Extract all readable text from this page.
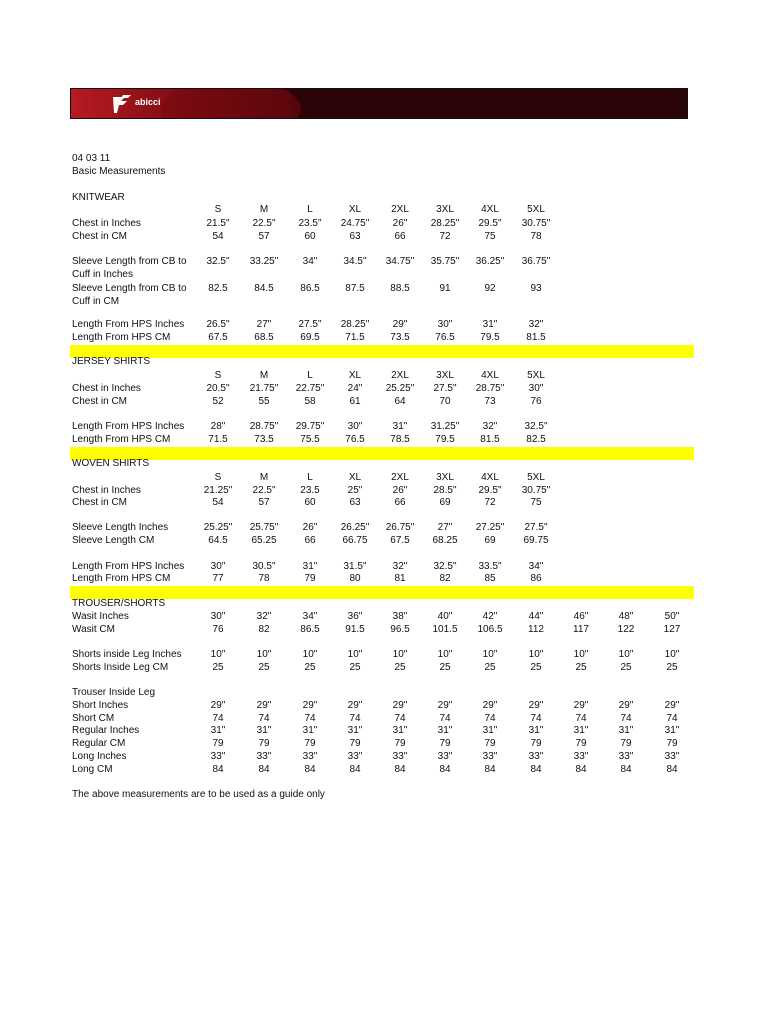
abicci
04 03 11
Basic Measurements
KNITWEAR
S	M	L	XL	2XL	3XL	4XL	5XL
Chest in Inches	21.5" 22.5" 23.5" 24.75" 26" 28.25" 29.5" 30.75"
Chest in CM	54	57	60	63	66	72	75	78
Sleeve Length from CB to
Cuff in Inches
32.5" 33.25" 34"	34.5" 34.75" 35.75" 36.25" 36.75"
Sleeve Length from CB to
Cuff in CM
82.5	84.5	86.5	87.5	88.5	91	92	93
Length From HPS Inches 26.5"	27"	27.5" 28.25" 29"	30"	31"	32"
Length From HPS CM	67.5	68.5	69.5	71.5	73.5	76.5	79.5	81.5
JERSEY SHIRTS
S	M	L	XL	2XL	3XL	4XL	5XL
Chest in Inches	20.5" 21.75" 22.75" 24" 25.25" 27.5" 28.75" 30"
Chest in CM	52	55	58	61	64	70	73	76
Length From HPS Inches	28" 28.75" 29.75" 30"	31" 31.25" 32"	32.5"
Length From HPS CM	71.5	73.5	75.5	76.5	78.5	79.5	81.5	82.5
WOVEN SHIRTS
S	M	L	XL	2XL	3XL	4XL	5XL
Chest in Inches	21.25" 22.5" 23.5	25"	26"	28.5" 29.5" 30.75"
Chest in CM	54	57	60	63	66	69	72	75
Sleeve Length Inches	25.25" 25.75" 26" 26.25" 26.75" 27" 27.25" 27.5"
Sleeve Length CM	64.5 65.25	66	66.75 67.5 68.25	69	69.75
Length From HPS Inches	30"	30.5"	31"	31.5"	32"	32.5" 33.5"	34"
Length From HPS CM	77	78	79	80	81	82	85	86
TROUSER/SHORTS
Wasit Inches	30"	32"	34"	36"	38"	40"	42"	44"	46"	48"	50"
Wasit CM	76	82	86.5	91.5	96.5 101.5 106.5	112	117	122	127
Shorts inside Leg Inches	10"	10"	10"	10"	10"	10"	10"	10"	10"	10"	10"
Shorts Inside Leg CM	25	25	25	25	25	25	25	25	25	25	25
Trouser Inside Leg
Short Inches	29"	29"	29"	29"	29"	29"	29"	29"	29"	29"	29"
Short CM	74	74	74	74	74	74	74	74	74	74	74
Regular Inches	31"	31"	31"	31"	31"	31"	31"	31"	31"	31"	31"
Regular CM	79	79	79	79	79	79	79	79	79	79	79
Long Inches	33"	33"	33"	33"	33"	33"	33"	33"	33"	33"	33"
Long CM	84	84	84	84	84	84	84	84	84	84	84
The above measurements are to be used as a guide only
